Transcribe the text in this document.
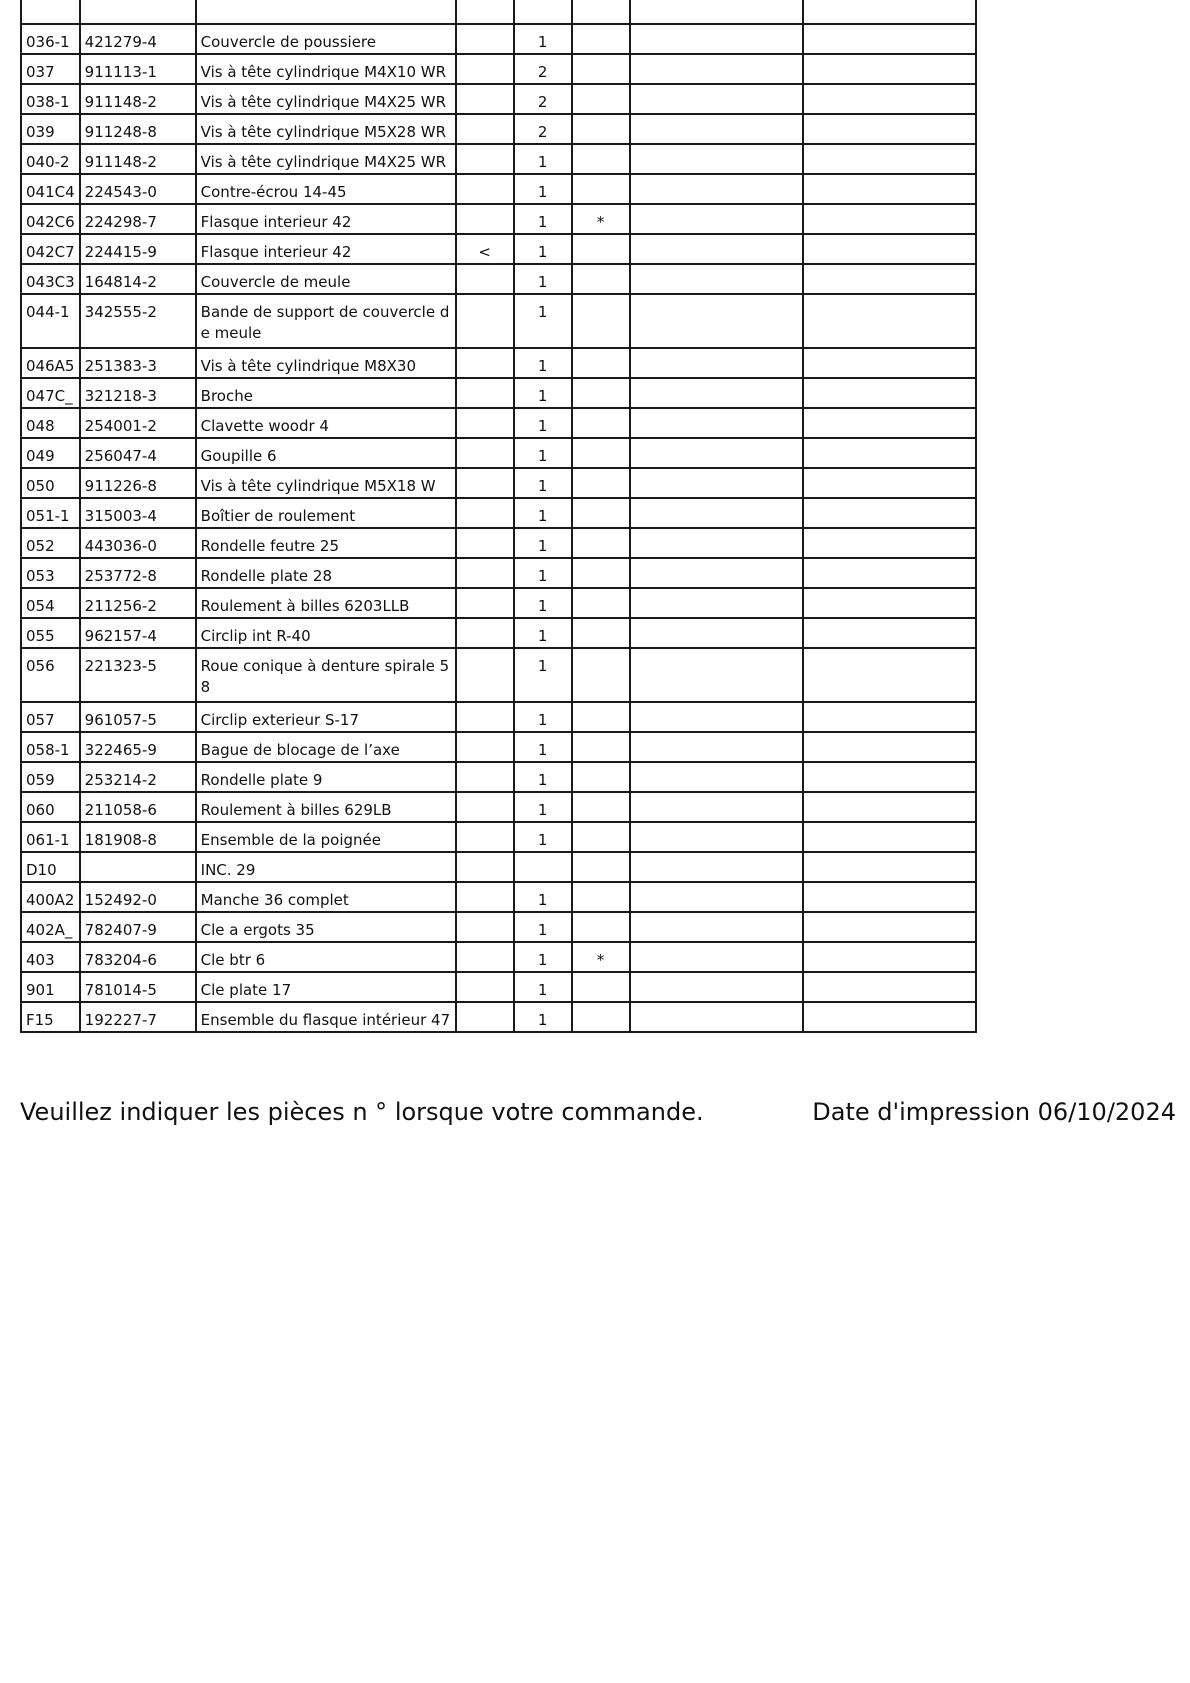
036-1	421279-4	Couvercle de poussiere		1			
037	911113-1	Vis à tête cylindrique M4X10 WR		2			
038-1	911148-2	Vis à tête cylindrique M4X25 WR		2			
039	911248-8	Vis à tête cylindrique M5X28 WR		2			
040-2	911148-2	Vis à tête cylindrique M4X25 WR		1			
041C4	224543-0	Contre-écrou 14-45		1			
042C6	224298-7	Flasque interieur 42		1	*		
042C7	224415-9	Flasque interieur 42	<	1			
043C3	164814-2	Couvercle de meule		1			
044-1	342555-2	Bande de support de couvercle de meule		1			
046A5	251383-3	Vis à tête cylindrique M8X30		1			
047C_	321218-3	Broche		1			
048	254001-2	Clavette woodr 4		1			
049	256047-4	Goupille 6		1			
050	911226-8	Vis à tête cylindrique M5X18 W		1			
051-1	315003-4	Boîtier de roulement		1			
052	443036-0	Rondelle feutre 25		1			
053	253772-8	Rondelle plate 28		1			
054	211256-2	Roulement à billes 6203LLB		1			
055	962157-4	Circlip int R-40		1			
056	221323-5	Roue conique à denture spirale 58		1			
057	961057-5	Circlip exterieur S-17		1			
058-1	322465-9	Bague de blocage de l’axe		1			
059	253214-2	Rondelle plate 9		1			
060	211058-6	Roulement à billes 629LB		1			
061-1	181908-8	Ensemble de la poignée		1			
D10		INC. 29					
400A2	152492-0	Manche 36 complet		1			
402A_	782407-9	Cle a ergots 35		1			
403	783204-6	Cle btr 6		1	*		
901	781014-5	Cle plate 17		1			
F15	192227-7	Ensemble du flasque intérieur 47		1			
Veuillez indiquer les pièces n ° lorsque votre commande.	Date d'impression 06/10/2024
